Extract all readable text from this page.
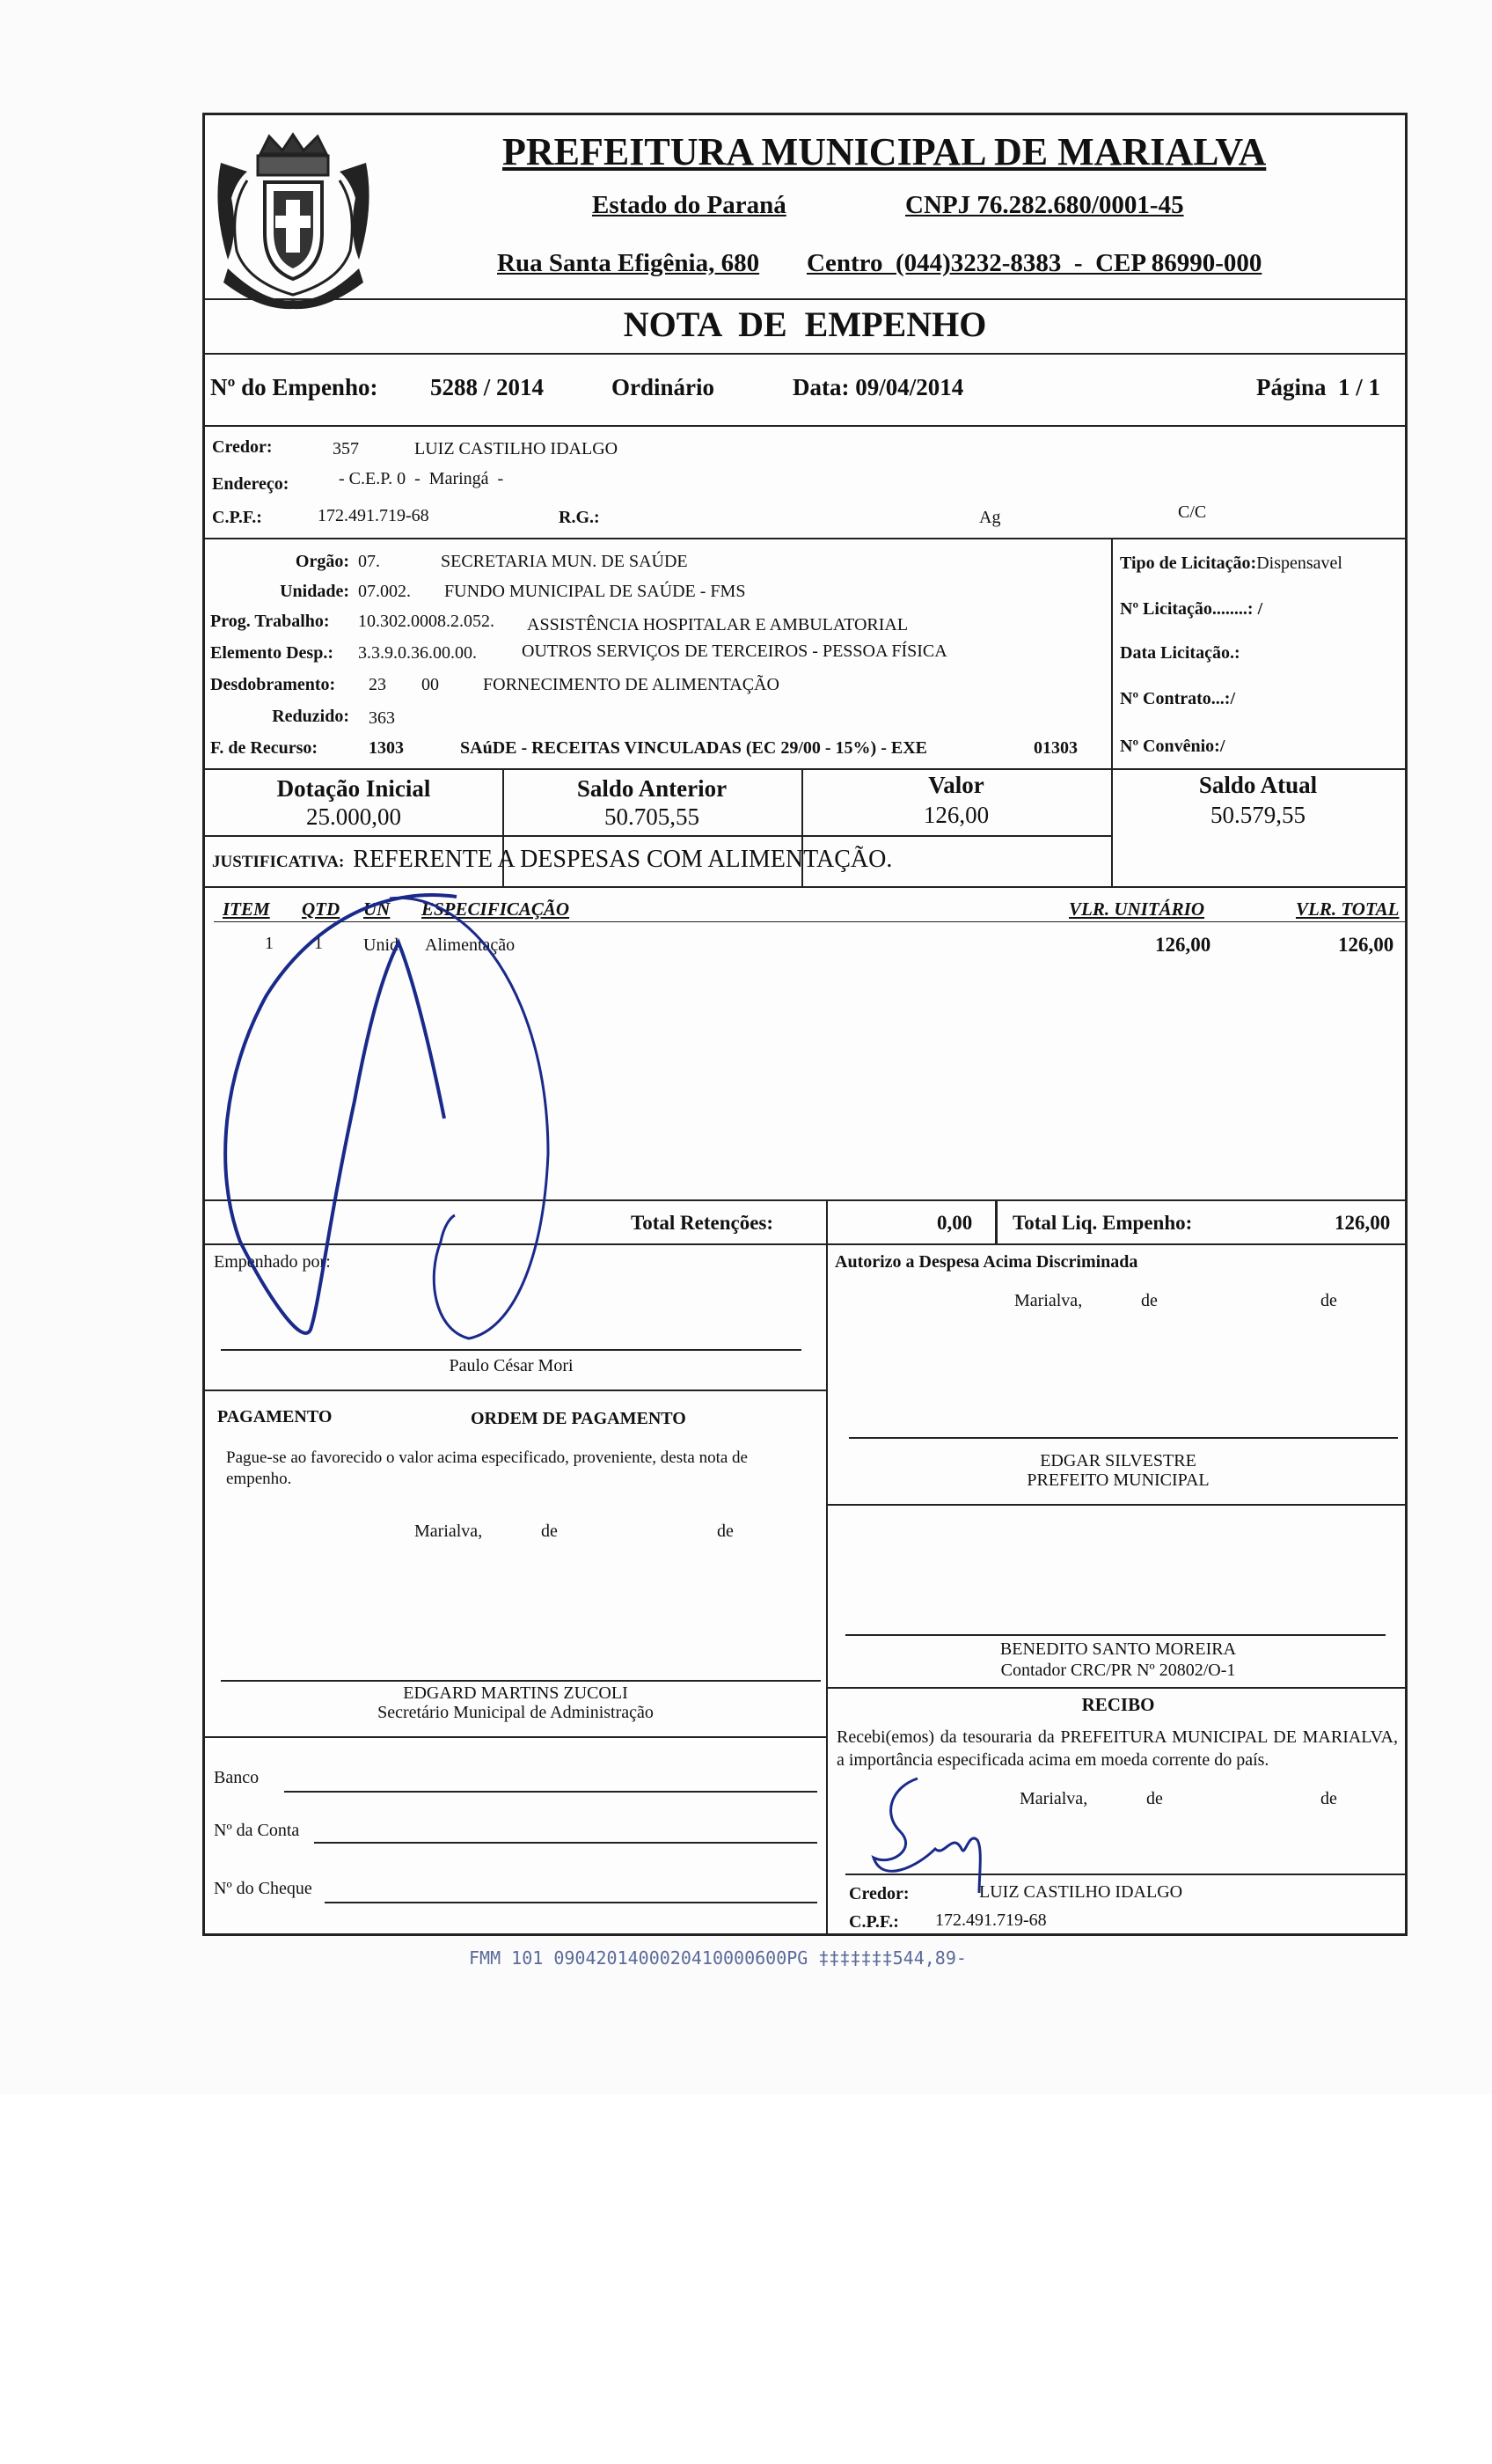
PREFEITURA MUNICIPAL DE MARIALVA
Estado do Paraná	CNPJ 76.282.680/0001-45
Rua Santa Efigênia, 680 Centro  (044)3232-8383  -  CEP 86990-000
NOTA  DE  EMPENHO
Nº do Empenho: 5288 / 2014	Ordinário	Data: 09/04/2014	Página  1 / 1
Credor:	357	LUIZ CASTILHO IDALGO
Endereço:	- C.E.P. 0  -  Maringá  -
C.P.F.:	172.491.719-68	R.G.:	Ag	C/C
Orgão: 07.	SECRETARIA MUN. DE SAÚDE
Unidade: 07.002. FUNDO MUNICIPAL DE SAÚDE - FMS
Prog. Trabalho: 10.302.0008.2.052. ASSISTÊNCIA HOSPITALAR E AMBULATORIAL
Elemento Desp.: 3.3.9.0.36.00.00.	OUTROS SERVIÇOS DE TERCEIROS - PESSOA FÍSICA
Desdobramento: 23 00	FORNECIMENTO DE ALIMENTAÇÃO
Reduzido: 363
F. de Recurso:	1303	SAúDE - RECEITAS VINCULADAS (EC 29/00 - 15%) - EXE	01303
Tipo de Licitação:Dispensavel
Nº Licitação........: /
Data Licitação.:
Nº Contrato...:/
Nº Convênio:/
Dotação Inicial
25.000,00
Saldo Anterior
50.705,55
Valor
126,00
Saldo Atual
50.579,55
JUSTIFICATIVA: REFERENTE A DESPESAS COM ALIMENTAÇÃO.
ITEM QTD UN ESPECIFICAÇÃO	VLR. UNITÁRIO	VLR. TOTAL
1 1 Unid Alimentação	126,00	126,00
Total Retenções:	0,00 Total Liq. Empenho:	126,00
Empenhado por:
Paulo César Mori
Autorizo a Despesa Acima Discriminada
Marialva,	de	de
EDGAR SILVESTRE
PREFEITO MUNICIPAL
PAGAMENTO	ORDEM DE PAGAMENTO
Pague-se ao favorecido o valor acima especificado, proveniente, desta nota de empenho.
Marialva,	de	de
EDGARD MARTINS ZUCOLI
Secretário Municipal de Administração
Banco
Nº da Conta
Nº do Cheque
BENEDITO SANTO MOREIRA
Contador CRC/PR Nº 20802/O-1
RECIBO
Recebi(emos) da tesouraria da PREFEITURA MUNICIPAL DE MARIALVA, a importância especificada acima em moeda corrente do país.
Marialva,	de	de
Credor:	LUIZ CASTILHO IDALGO
C.P.F.: 172.491.719-68
FMM 101 0904201400020410000600PG ‡‡‡‡‡‡‡544,89-
